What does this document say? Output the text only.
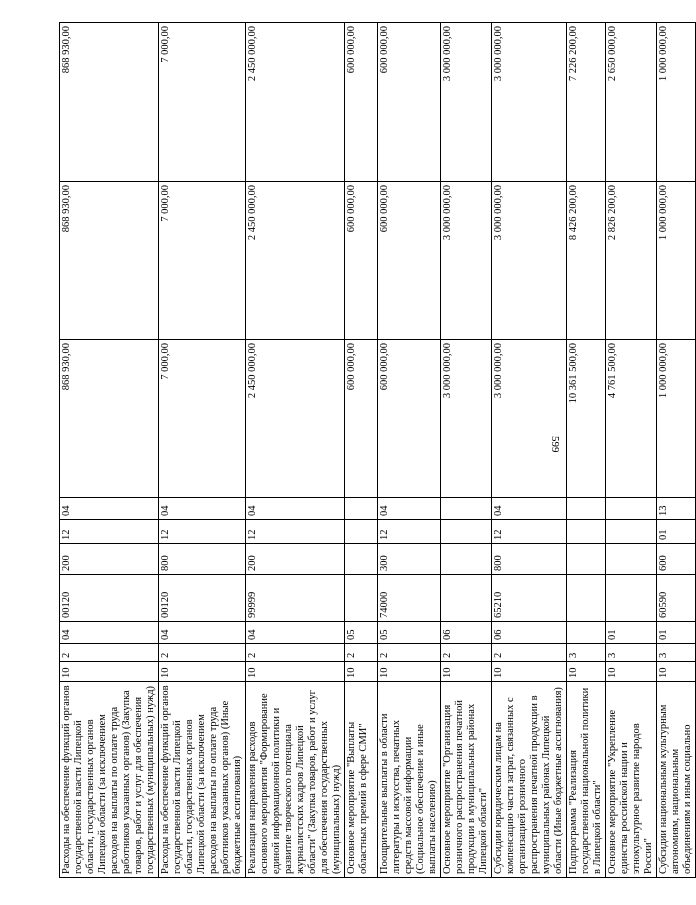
599
Расходы на обеспечение функций органов государственной власти Липецкой области, государственных органов Липецкой области (за исключением расходов на выплаты по оплате труда работников указанных органов) (Закупка товаров, работ и услуг для обеспечения государственных (муниципальных) нужд)	10	2	04	00120	200	12	04	868 930,00	868 930,00	868 930,00
Расходы на обеспечение функций органов государственной власти Липецкой области, государственных органов Липецкой области (за исключением расходов на выплаты по оплате труда работников указанных органов) (Иные бюджетные ассигнования)	10	2	04	00120	800	12	04	7 000,00	7 000,00	7 000,00
Реализация направления расходов основного мероприятия "Формирование единой информационной политики и развитие творческого потенциала журналистских кадров Липецкой области" (Закупка товаров, работ и услуг для обеспечения государственных (муниципальных) нужд)	10	2	04	99999	200	12	04	2 450 000,00	2 450 000,00	2 450 000,00
Основное мероприятие "Выплаты областных премий в сфере СМИ"	10	2	05					600 000,00	600 000,00	600 000,00
Поощрительные выплаты в области литературы и искусства, печатных средств массовой информации (Социальное обеспечение и иные выплаты населению)	10	2	05	74000	300	12	04	600 000,00	600 000,00	600 000,00
Основное мероприятие "Организация розничного распространения печатной продукции в муниципальных районах Липецкой области"	10	2	06					3 000 000,00	3 000 000,00	3 000 000,00
Субсидии юридическим лицам на компенсацию части затрат, связанных с организацией розничного распространения печатной продукции в муниципальных районах Липецкой области (Иные бюджетные ассигнования)	10	2	06	65210	800	12	04	3 000 000,00	3 000 000,00	3 000 000,00
Подпрограмма "Реализация государственной национальной политики в Липецкой области"	10	3						10 361 500,00	8 426 200,00	7 226 200,00
Основное мероприятие "Укрепление единства российской нации и этнокультурное развитие народов России"	10	3	01					4 761 500,00	2 826 200,00	2 650 000,00
Субсидии национальным культурным автономиям, национальным объединениям и иным социально	10	3	01	60590	600	01	13	1 000 000,00	1 000 000,00	1 000 000,00
